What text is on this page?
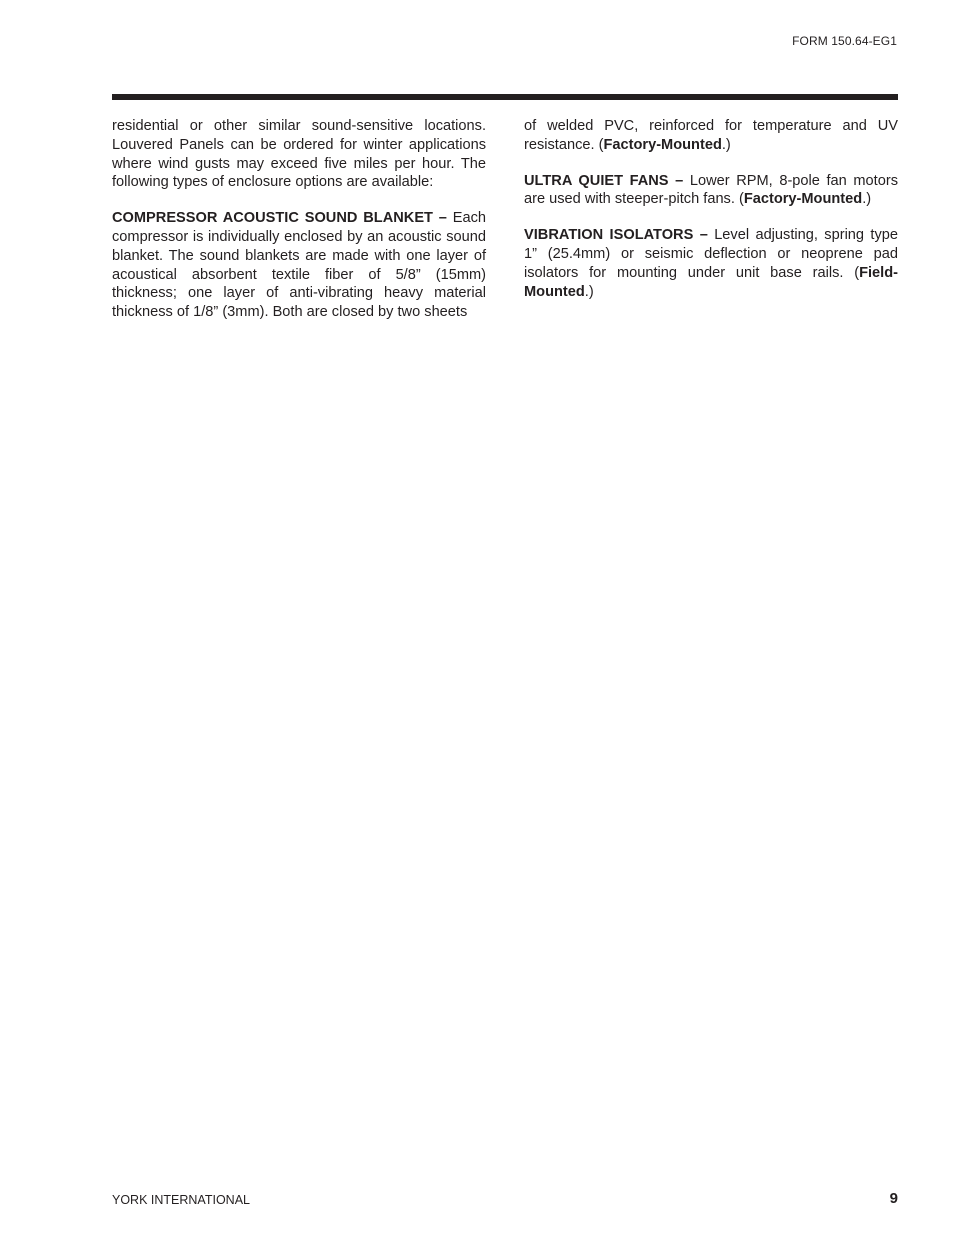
FORM 150.64-EG1

residential or other similar sound-sensitive locations. Louvered Panels can be ordered for winter applications where wind gusts may exceed five miles per hour. The following types of enclosure options are available:

COMPRESSOR ACOUSTIC SOUND BLANKET – Each compressor is individually enclosed by an acoustic sound blanket. The sound blankets are made with one layer of acoustical absorbent textile fiber of 5/8” (15mm) thickness; one layer of anti-vibrating heavy material thickness of 1/8” (3mm). Both are closed by two sheets

of welded PVC, reinforced for temperature and UV resistance. (Factory-Mounted.)

ULTRA QUIET FANS – Lower RPM, 8-pole fan motors are used with steeper-pitch fans. (Factory-Mounted.)

VIBRATION ISOLATORS – Level adjusting, spring type 1” (25.4mm) or seismic deflection or neoprene pad isolators for mounting under unit base rails. (Field-Mounted.)

YORK INTERNATIONAL	9
